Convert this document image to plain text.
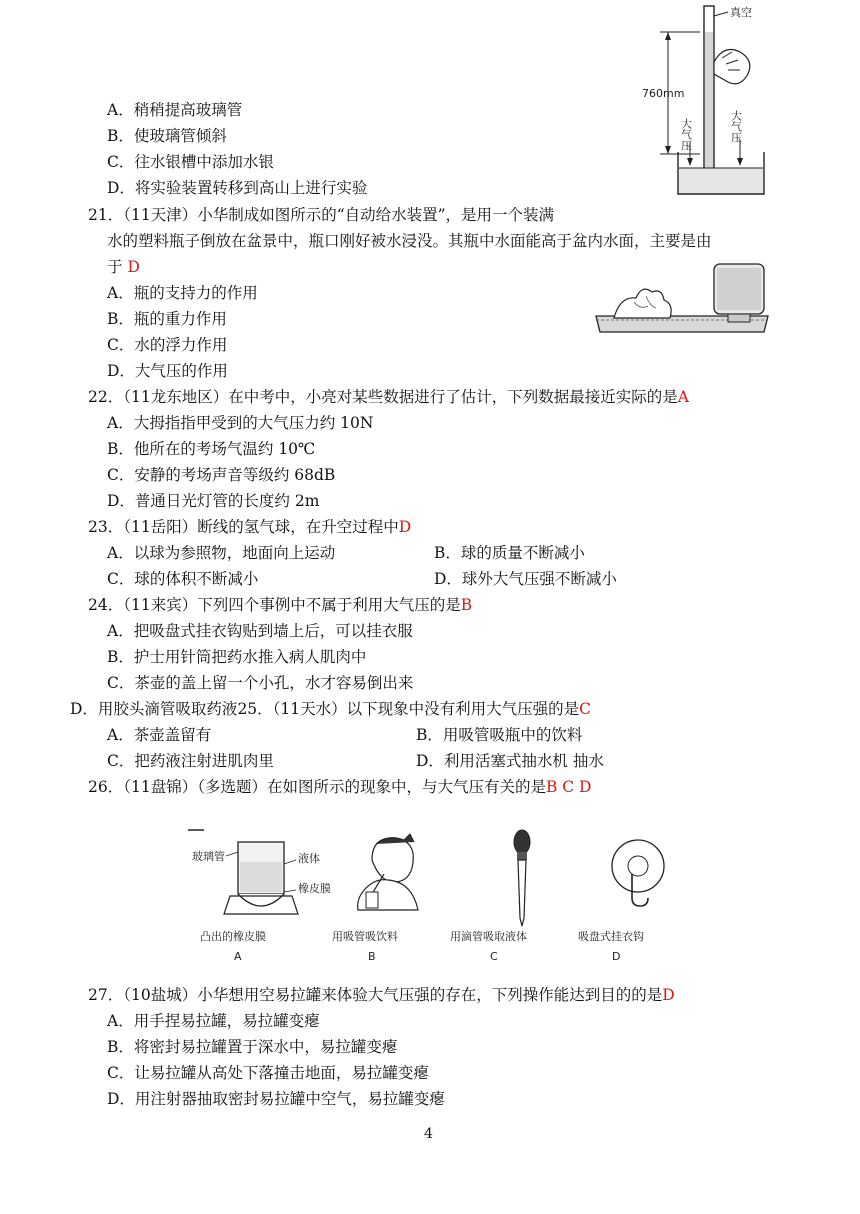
A．稍稍提高玻璃管
B．使玻璃管倾斜
C．往水银槽中添加水银
D．将实验装置转移到高山上进行实验
真空
760mm
大气压	大气压
21．（11天津）小华制成如图所示的“自动给水装置”，是用一个装满
水的塑料瓶子倒放在盆景中，瓶口刚好被水浸没。其瓶中水面能高于盆内水面，主要是由
于 D
A．瓶的支持力的作用
B．瓶的重力作用
C．水的浮力作用
D．大气压的作用
22．（11龙东地区）在中考中，小亮对某些数据进行了估计，下列数据最接近实际的是A
A．大拇指指甲受到的大气压力约 10N
B．他所在的考场气温约 10℃
C．安静的考场声音等级约 68dB
D．普通日光灯管的长度约 2m
23．（11岳阳）断线的氢气球，在升空过程中D
A．以球为参照物，地面向上运动	B．球的质量不断减小
C．球的体积不断减小	D．球外大气压强不断减小
24．（11来宾）下列四个事例中不属于利用大气压的是B
A．把吸盘式挂衣钩贴到墙上后，可以挂衣服
B．护士用针筒把药水推入病人肌肉中
C．茶壶的盖上留一个小孔，水才容易倒出来
D．用胶头滴管吸取药液25．（11天水）以下现象中没有利用大气压强的是C
A．茶壶盖留有	B．用吸管吸瓶中的饮料
C．把药液注射进肌肉里	D．利用活塞式抽水机 抽水
26．（11盘锦）（多选题）在如图所示的现象中，与大气压有关的是B C D
玻璃管	液体
橡皮膜
凸出的橡皮膜
A
用吸管吸饮料
B
用滴管吸取液体
C
吸盘式挂衣钩
D
27．（10盐城）小华想用空易拉罐来体验大气压强的存在，下列操作能达到目的的是D
A．用手捏易拉罐，易拉罐变瘪
B．将密封易拉罐置于深水中，易拉罐变瘪
C．让易拉罐从高处下落撞击地面，易拉罐变瘪
D．用注射器抽取密封易拉罐中空气，易拉罐变瘪
4
